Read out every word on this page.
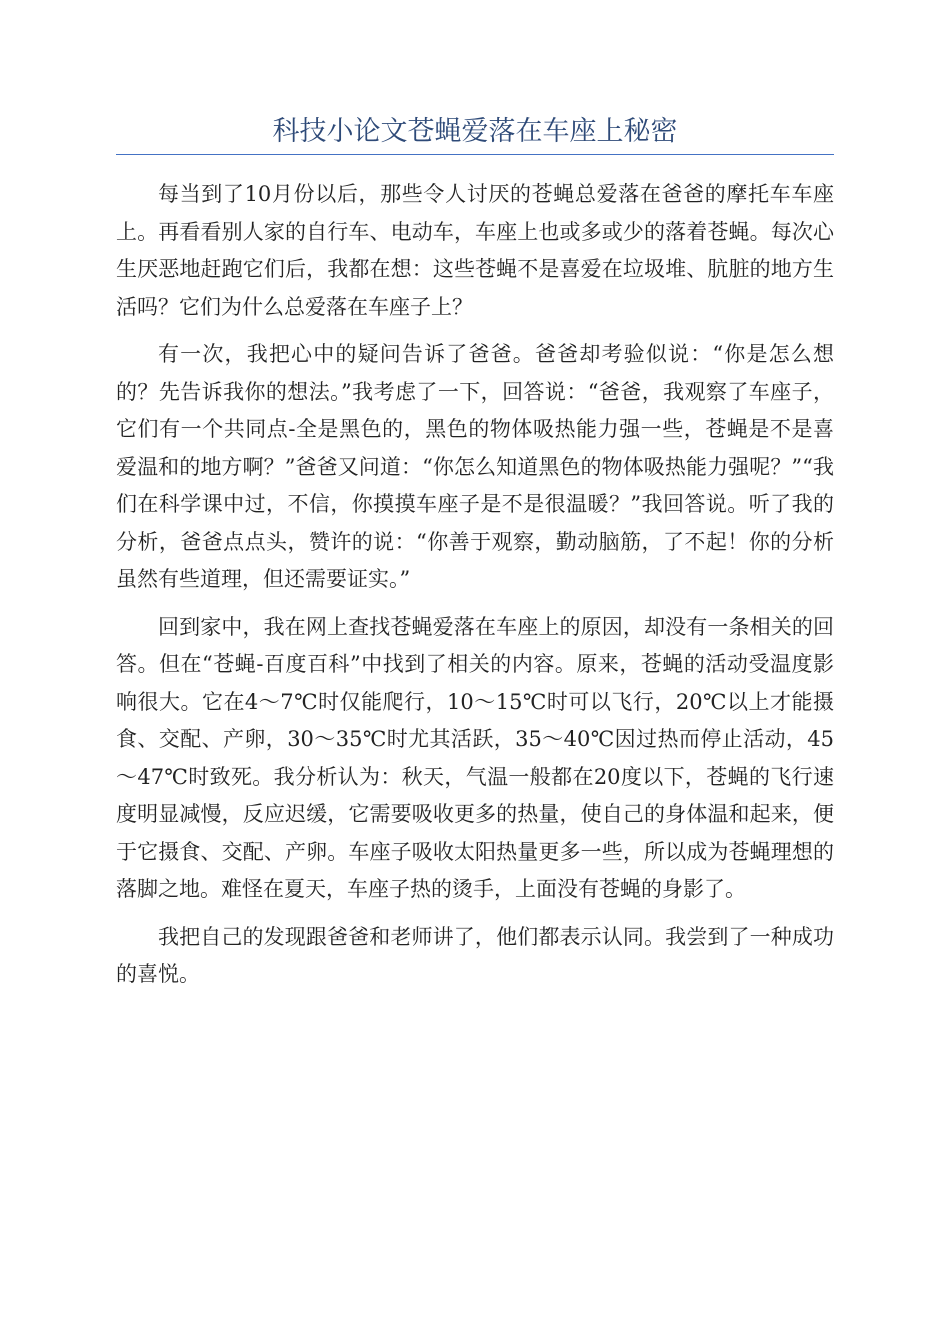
科技小论文苍蝇爱落在车座上秘密

每当到了10月份以后，那些令人讨厌的苍蝇总爱落在爸爸的摩托车车座上。再看看别人家的自行车、电动车，车座上也或多或少的落着苍蝇。每次心生厌恶地赶跑它们后，我都在想：这些苍蝇不是喜爱在垃圾堆、肮脏的地方生活吗？它们为什么总爱落在车座子上？

有一次，我把心中的疑问告诉了爸爸。爸爸却考验似说：“你是怎么想的？先告诉我你的想法。”我考虑了一下，回答说：“爸爸，我观察了车座子，它们有一个共同点-全是黑色的，黑色的物体吸热能力强一些，苍蝇是不是喜爱温和的地方啊？”爸爸又问道：“你怎么知道黑色的物体吸热能力强呢？”“我们在科学课中过，不信，你摸摸车座子是不是很温暖？”我回答说。听了我的分析，爸爸点点头，赞许的说：“你善于观察，勤动脑筋，了不起！你的分析虽然有些道理，但还需要证实。”

回到家中，我在网上查找苍蝇爱落在车座上的原因，却没有一条相关的回答。但在“苍蝇-百度百科”中找到了相关的内容。原来，苍蝇的活动受温度影响很大。它在4～7℃时仅能爬行，10～15℃时可以飞行，20℃以上才能摄食、交配、产卵，30～35℃时尤其活跃，35～40℃因过热而停止活动，45～47℃时致死。我分析认为：秋天，气温一般都在20度以下，苍蝇的飞行速度明显减慢，反应迟缓，它需要吸收更多的热量，使自己的身体温和起来，便于它摄食、交配、产卵。车座子吸收太阳热量更多一些，所以成为苍蝇理想的落脚之地。难怪在夏天，车座子热的烫手，上面没有苍蝇的身影了。

我把自己的发现跟爸爸和老师讲了，他们都表示认同。我尝到了一种成功的喜悦。
